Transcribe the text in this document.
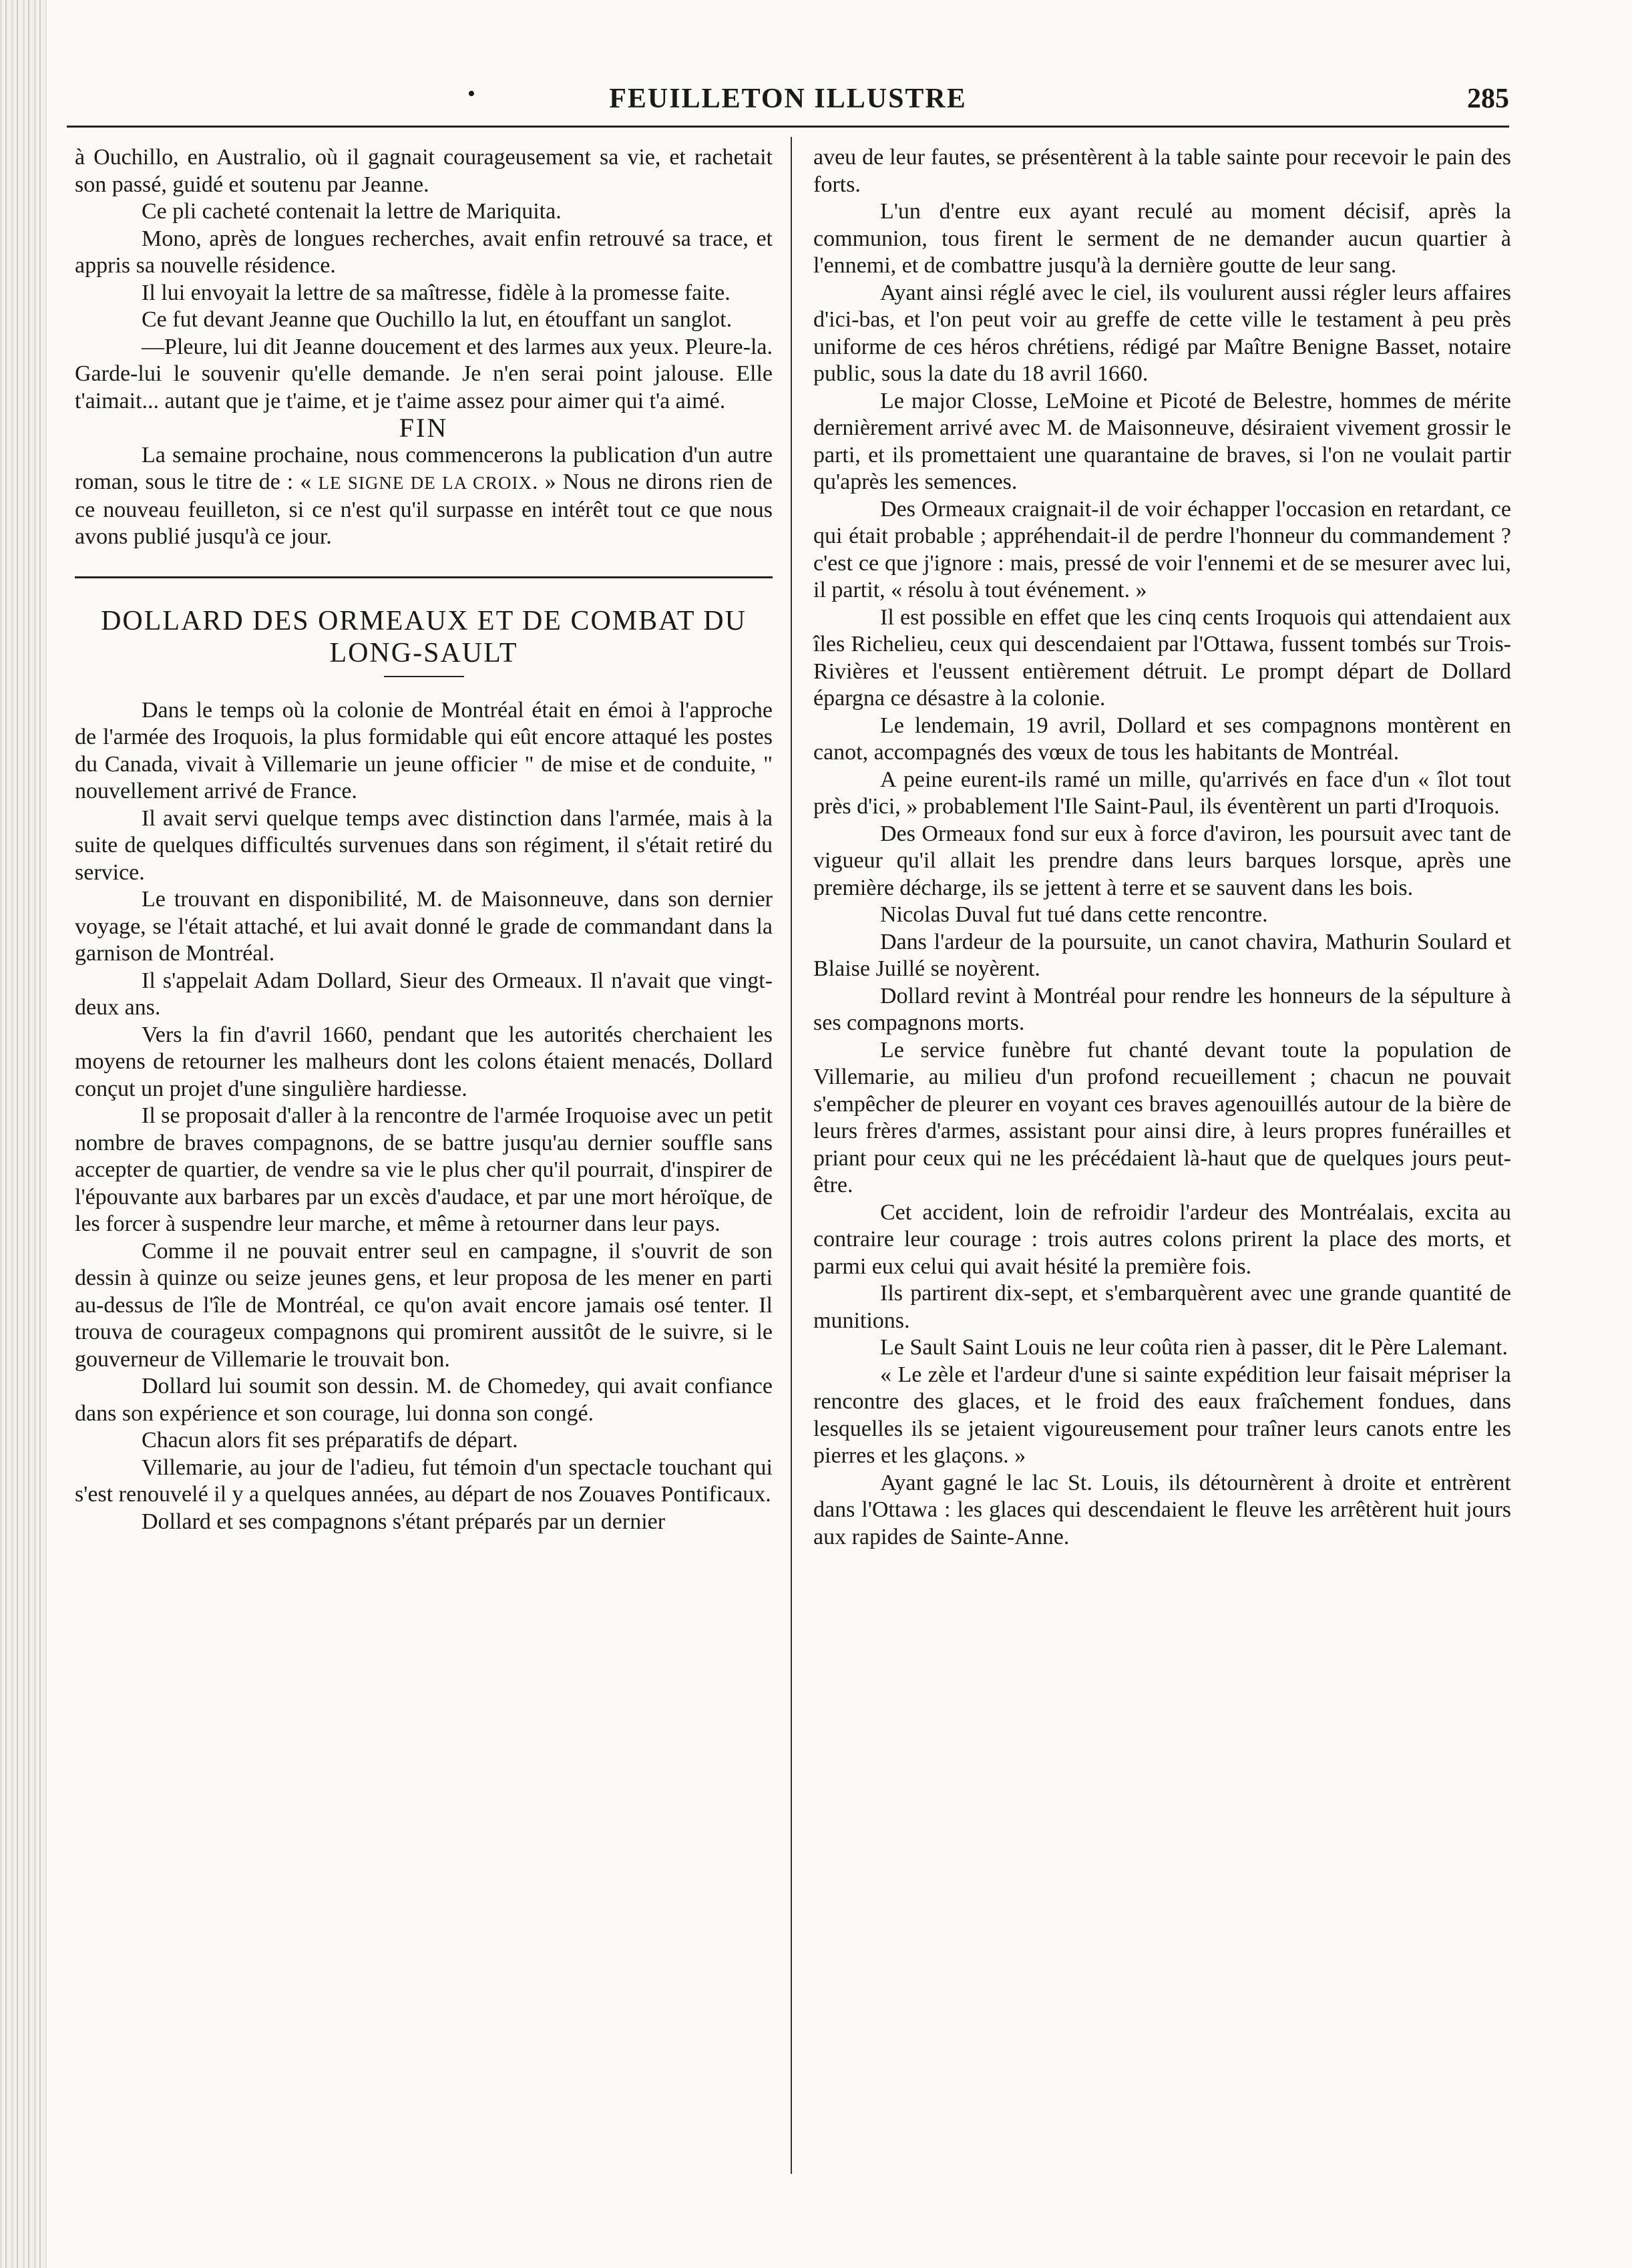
•	FEUILLETON ILLUSTRE	285

à Ouchillo, en Australio, où il gagnait courageusement sa vie, et rachetait son passé, guidé et soutenu par Jeanne.

Ce pli cacheté contenait la lettre de Mariquita.

Mono, après de longues recherches, avait enfin retrouvé sa trace, et appris sa nouvelle résidence.

Il lui envoyait la lettre de sa maîtresse, fidèle à la promesse faite.

Ce fut devant Jeanne que Ouchillo la lut, en étouffant un sanglot.

—Pleure, lui dit Jeanne doucement et des larmes aux yeux. Pleure-la. Garde-lui le souvenir qu'elle demande. Je n'en serai point jalouse. Elle t'aimait... autant que je t'aime, et je t'aime assez pour aimer qui t'a aimé.

FIN

La semaine prochaine, nous commencerons la publication d'un autre roman, sous le titre de : « LE SIGNE DE LA CROIX. » Nous ne dirons rien de ce nouveau feuilleton, si ce n'est qu'il surpasse en intérêt tout ce que nous avons publié jusqu'à ce jour.

DOLLARD DES ORMEAUX ET DE COMBAT DU LONG-SAULT

Dans le temps où la colonie de Montréal était en émoi à l'approche de l'armée des Iroquois, la plus formidable qui eût encore attaqué les postes du Canada, vivait à Villemarie un jeune officier " de mise et de conduite, " nouvellement arrivé de France.

Il avait servi quelque temps avec distinction dans l'armée, mais à la suite de quelques difficultés survenues dans son régiment, il s'était retiré du service.

Le trouvant en disponibilité, M. de Maisonneuve, dans son dernier voyage, se l'était attaché, et lui avait donné le grade de commandant dans la garnison de Montréal.

Il s'appelait Adam Dollard, Sieur des Ormeaux. Il n'avait que vingt-deux ans.

Vers la fin d'avril 1660, pendant que les autorités cherchaient les moyens de retourner les malheurs dont les colons étaient menacés, Dollard conçut un projet d'une singulière hardiesse.

Il se proposait d'aller à la rencontre de l'armée Iroquoise avec un petit nombre de braves compagnons, de se battre jusqu'au dernier souffle sans accepter de quartier, de vendre sa vie le plus cher qu'il pourrait, d'inspirer de l'épouvante aux barbares par un excès d'audace, et par une mort héroïque, de les forcer à suspendre leur marche, et même à retourner dans leur pays.

Comme il ne pouvait entrer seul en campagne, il s'ouvrit de son dessin à quinze ou seize jeunes gens, et leur proposa de les mener en parti au-dessus de l'île de Montréal, ce qu'on avait encore jamais osé tenter. Il trouva de courageux compagnons qui promirent aussitôt de le suivre, si le gouverneur de Villemarie le trouvait bon.

Dollard lui soumit son dessin. M. de Chomedey, qui avait confiance dans son expérience et son courage, lui donna son congé.

Chacun alors fit ses préparatifs de départ.

Villemarie, au jour de l'adieu, fut témoin d'un spectacle touchant qui s'est renouvelé il y a quelques années, au départ de nos Zouaves Pontificaux.

Dollard et ses compagnons s'étant préparés par un dernier

aveu de leur fautes, se présentèrent à la table sainte pour recevoir le pain des forts.

L'un d'entre eux ayant reculé au moment décisif, après la communion, tous firent le serment de ne demander aucun quartier à l'ennemi, et de combattre jusqu'à la dernière goutte de leur sang.

Ayant ainsi réglé avec le ciel, ils voulurent aussi régler leurs affaires d'ici-bas, et l'on peut voir au greffe de cette ville le testament à peu près uniforme de ces héros chrétiens, rédigé par Maître Benigne Basset, notaire public, sous la date du 18 avril 1660.

Le major Closse, LeMoine et Picoté de Belestre, hommes de mérite dernièrement arrivé avec M. de Maisonneuve, désiraient vivement grossir le parti, et ils promettaient une quarantaine de braves, si l'on ne voulait partir qu'après les semences.

Des Ormeaux craignait-il de voir échapper l'occasion en retardant, ce qui était probable ; appréhendait-il de perdre l'honneur du commandement ? c'est ce que j'ignore : mais, pressé de voir l'ennemi et de se mesurer avec lui, il partit, « résolu à tout événement. »

Il est possible en effet que les cinq cents Iroquois qui attendaient aux îles Richelieu, ceux qui descendaient par l'Ottawa, fussent tombés sur Trois-Rivières et l'eussent entièrement détruit. Le prompt départ de Dollard épargna ce désastre à la colonie.

Le lendemain, 19 avril, Dollard et ses compagnons montèrent en canot, accompagnés des vœux de tous les habitants de Montréal.

A peine eurent-ils ramé un mille, qu'arrivés en face d'un « îlot tout près d'ici, » probablement l'Ile Saint-Paul, ils éventèrent un parti d'Iroquois.

Des Ormeaux fond sur eux à force d'aviron, les poursuit avec tant de vigueur qu'il allait les prendre dans leurs barques lorsque, après une première décharge, ils se jettent à terre et se sauvent dans les bois.

Nicolas Duval fut tué dans cette rencontre.

Dans l'ardeur de la poursuite, un canot chavira, Mathurin Soulard et Blaise Juillé se noyèrent.

Dollard revint à Montréal pour rendre les honneurs de la sépulture à ses compagnons morts.

Le service funèbre fut chanté devant toute la population de Villemarie, au milieu d'un profond recueillement ; chacun ne pouvait s'empêcher de pleurer en voyant ces braves agenouillés autour de la bière de leurs frères d'armes, assistant pour ainsi dire, à leurs propres funérailles et priant pour ceux qui ne les précédaient là-haut que de quelques jours peut-être.

Cet accident, loin de refroidir l'ardeur des Montréalais, excita au contraire leur courage : trois autres colons prirent la place des morts, et parmi eux celui qui avait hésité la première fois.

Ils partirent dix-sept, et s'embarquèrent avec une grande quantité de munitions.

Le Sault Saint Louis ne leur coûta rien à passer, dit le Père Lalemant.

« Le zèle et l'ardeur d'une si sainte expédition leur faisait mépriser la rencontre des glaces, et le froid des eaux fraîchement fondues, dans lesquelles ils se jetaient vigoureusement pour traîner leurs canots entre les pierres et les glaçons. »

Ayant gagné le lac St. Louis, ils détournèrent à droite et entrèrent dans l'Ottawa : les glaces qui descendaient le fleuve les arrêtèrent huit jours aux rapides de Sainte-Anne.
